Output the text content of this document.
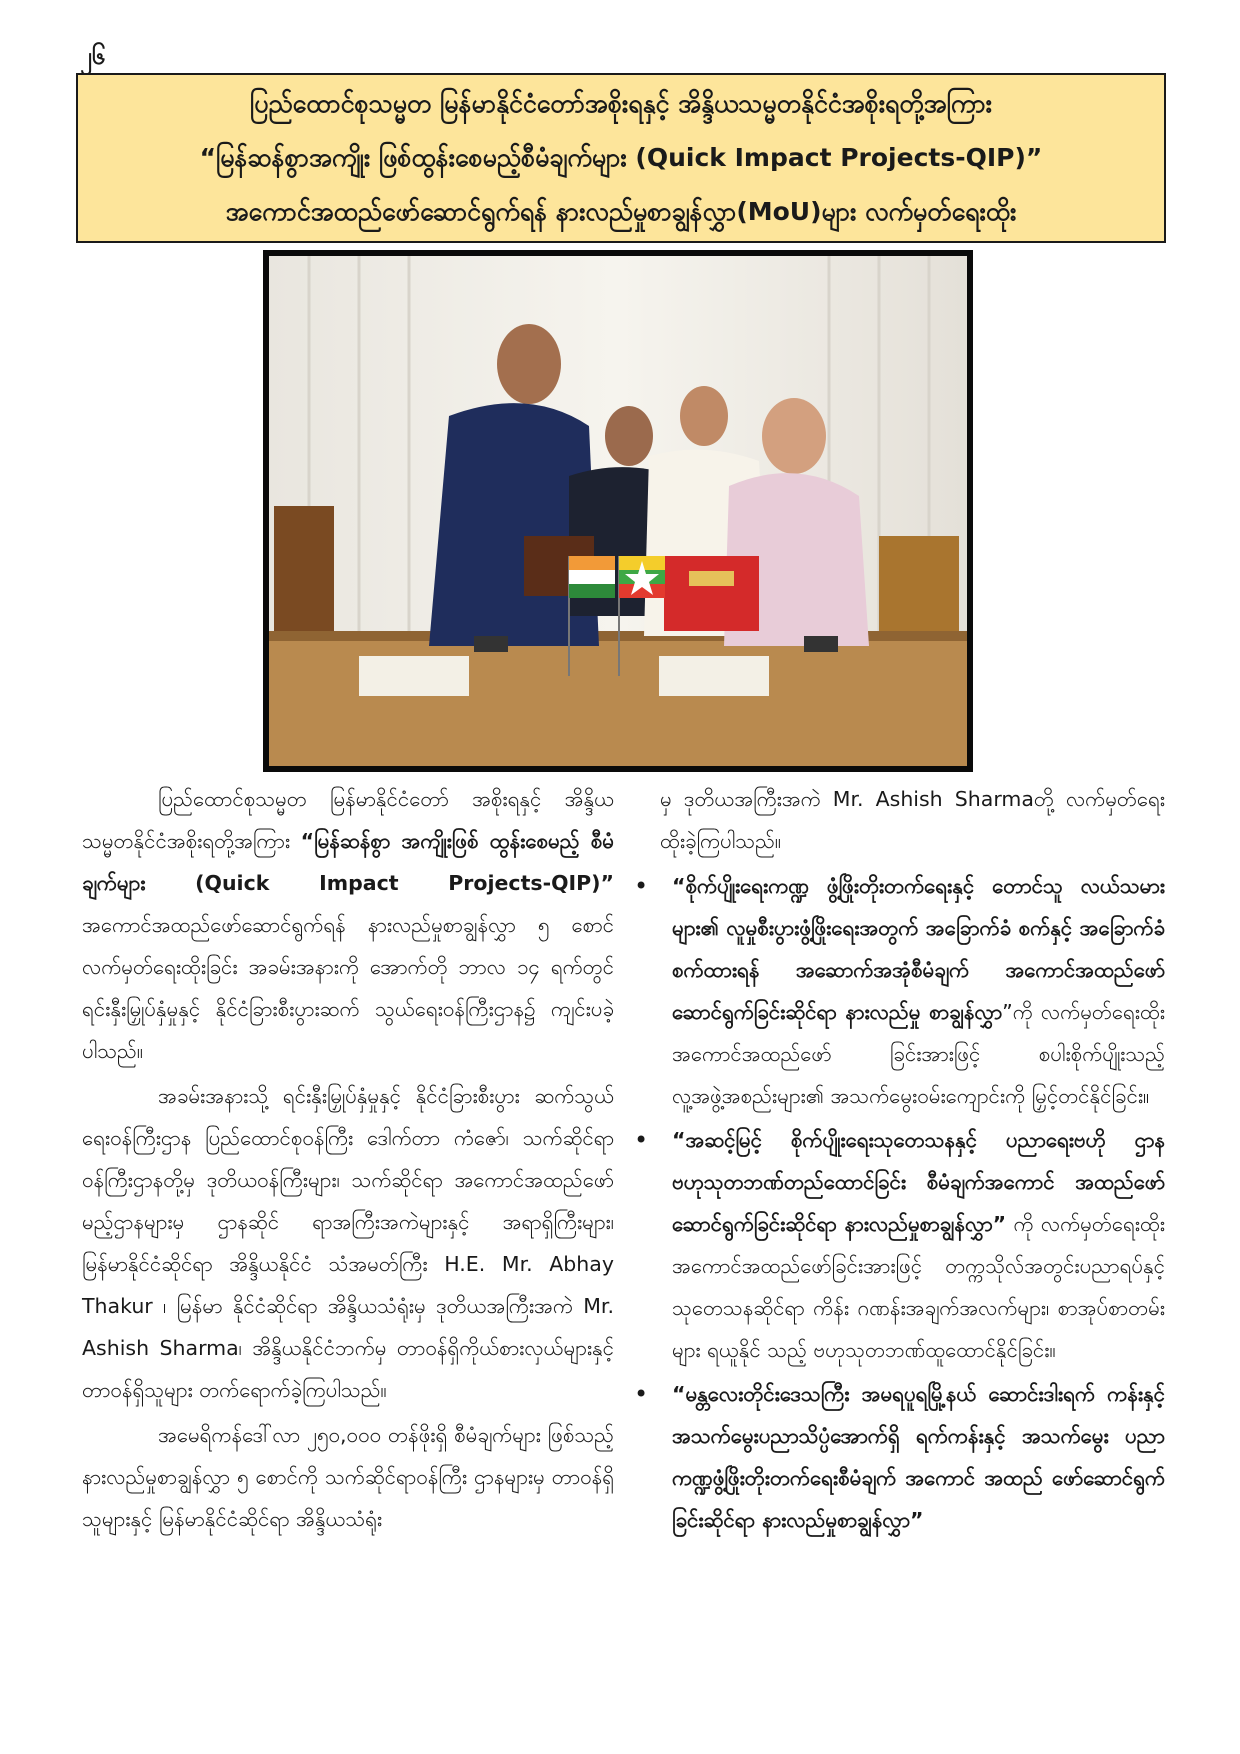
၂၆
ပြည်ထောင်စုသမ္မတ မြန်မာနိုင်ငံတော်အစိုးရနှင့် အိန္ဒိယသမ္မတနိုင်ငံအစိုးရတို့အကြား
“မြန်ဆန်စွာအကျိုး ဖြစ်ထွန်းစေမည့်စီမံချက်များ (Quick Impact Projects-QIP)”
အကောင်အထည်ဖော်ဆောင်ရွက်ရန် နားလည်မှုစာချွန်လွှာ(MoU)များ လက်မှတ်ရေးထိုး

ပြည်ထောင်စုသမ္မတ မြန်မာနိုင်ငံတော် အစိုးရနှင့် အိန္ဒိယသမ္မတနိုင်ငံအစိုးရတို့အကြား “မြန်ဆန်စွာ အကျိုးဖြစ် ထွန်းစေမည့် စီမံချက်များ (Quick Impact Projects-QIP)” အကောင်အထည်ဖော်ဆောင်ရွက်ရန် နားလည်မှုစာချွန်လွှာ ၅ စောင် လက်မှတ်ရေးထိုးခြင်း အခမ်းအနားကို အောက်တို ဘာလ ၁၄ ရက်တွင် ရင်းနှီးမြှုပ်နှံမှုနှင့် နိုင်ငံခြားစီးပွားဆက် သွယ်ရေးဝန်ကြီးဌာန၌ ကျင်းပခဲ့ပါသည်။

အခမ်းအနားသို့ ရင်းနှီးမြှုပ်နှံမှုနှင့် နိုင်ငံခြားစီးပွား ဆက်သွယ်ရေးဝန်ကြီးဌာန ပြည်ထောင်စုဝန်ကြီး ဒေါက်တာ ကံဇော်၊ သက်ဆိုင်ရာဝန်ကြီးဌာနတို့မှ ဒုတိယဝန်ကြီးများ၊ သက်ဆိုင်ရာ အကောင်အထည်ဖော်မည့်ဌာနများမှ ဌာနဆိုင် ရာအကြီးအကဲများနှင့် အရာရှိကြီးများ၊ မြန်မာနိုင်ငံဆိုင်ရာ အိန္ဒိယနိုင်ငံ သံအမတ်ကြီး H.E. Mr. Abhay Thakur ၊ မြန်မာ နိုင်ငံဆိုင်ရာ အိန္ဒိယသံရုံးမှ ဒုတိယအကြီးအကဲ Mr. Ashish Sharma၊ အိန္ဒိယနိုင်ငံဘက်မှ တာဝန်ရှိကိုယ်စားလှယ်များနှင့် တာဝန်ရှိသူများ တက်ရောက်ခဲ့ကြပါသည်။

အမေရိကန်ဒေါ်လာ ၂၅၀,၀၀၀ တန်ဖိုးရှိ စီမံချက်များ ဖြစ်သည့် နားလည်မှုစာချွန်လွှာ ၅ စောင်ကို သက်ဆိုင်ရာဝန်ကြီး ဌာနများမှ တာဝန်ရှိသူများနှင့် မြန်မာနိုင်ငံဆိုင်ရာ အိန္ဒိယသံရုံး

မှ ဒုတိယအကြီးအကဲ Mr. Ashish Sharmaတို့ လက်မှတ်ရေး ထိုးခဲ့ကြပါသည်။

• “စိုက်ပျိုးရေးကဏ္ဍ ဖွံ့ဖြိုးတိုးတက်ရေးနှင့် တောင်သူ လယ်သမားများ၏ လူမှုစီးပွားဖွံ့ဖြိုးရေးအတွက် အခြောက်ခံ စက်နှင့် အခြောက်ခံစက်ထားရန် အဆောက်အအုံစီမံချက် အကောင်အထည်ဖော်ဆောင်ရွက်ခြင်းဆိုင်ရာ နားလည်မှု စာချွန်လွှာ”ကို လက်မှတ်ရေးထိုးအကောင်အထည်ဖော် ခြင်းအားဖြင့် စပါးစိုက်ပျိုးသည့် လူ့အဖွဲ့အစည်းများ၏ အသက်မွေးဝမ်းကျောင်းကို မြှင့်တင်နိုင်ခြင်း။
• “အဆင့်မြင့် စိုက်ပျိုးရေးသုတေသနနှင့် ပညာရေးဗဟို ဌာန ဗဟုသုတဘဏ်တည်ထောင်ခြင်း စီမံချက်အကောင် အထည်ဖော်ဆောင်ရွက်ခြင်းဆိုင်ရာ နားလည်မှုစာချွန်လွှာ” ကို လက်မှတ်ရေးထိုးအကောင်အထည်ဖော်ခြင်းအားဖြင့် တက္ကသိုလ်အတွင်းပညာရပ်နှင့် သုတေသနဆိုင်ရာ ကိန်း ဂဏန်းအချက်အလက်များ၊ စာအုပ်စာတမ်းများ ရယူနိုင် သည့် ဗဟုသုတဘဏ်ထူထောင်နိုင်ခြင်း။
• “မန္တလေးတိုင်းဒေသကြီး အမရပူရမြို့နယ် ဆောင်းဒါးရက် ကန်းနှင့် အသက်မွေးပညာသိပ္ပံအောက်ရှိ ရက်ကန်းနှင့် အသက်မွေး ပညာကဏ္ဍဖွံ့ဖြိုးတိုးတက်ရေးစီမံချက် အကောင် အထည် ဖော်ဆောင်ရွက်ခြင်းဆိုင်ရာ နားလည်မှုစာချွန်လွှာ”
